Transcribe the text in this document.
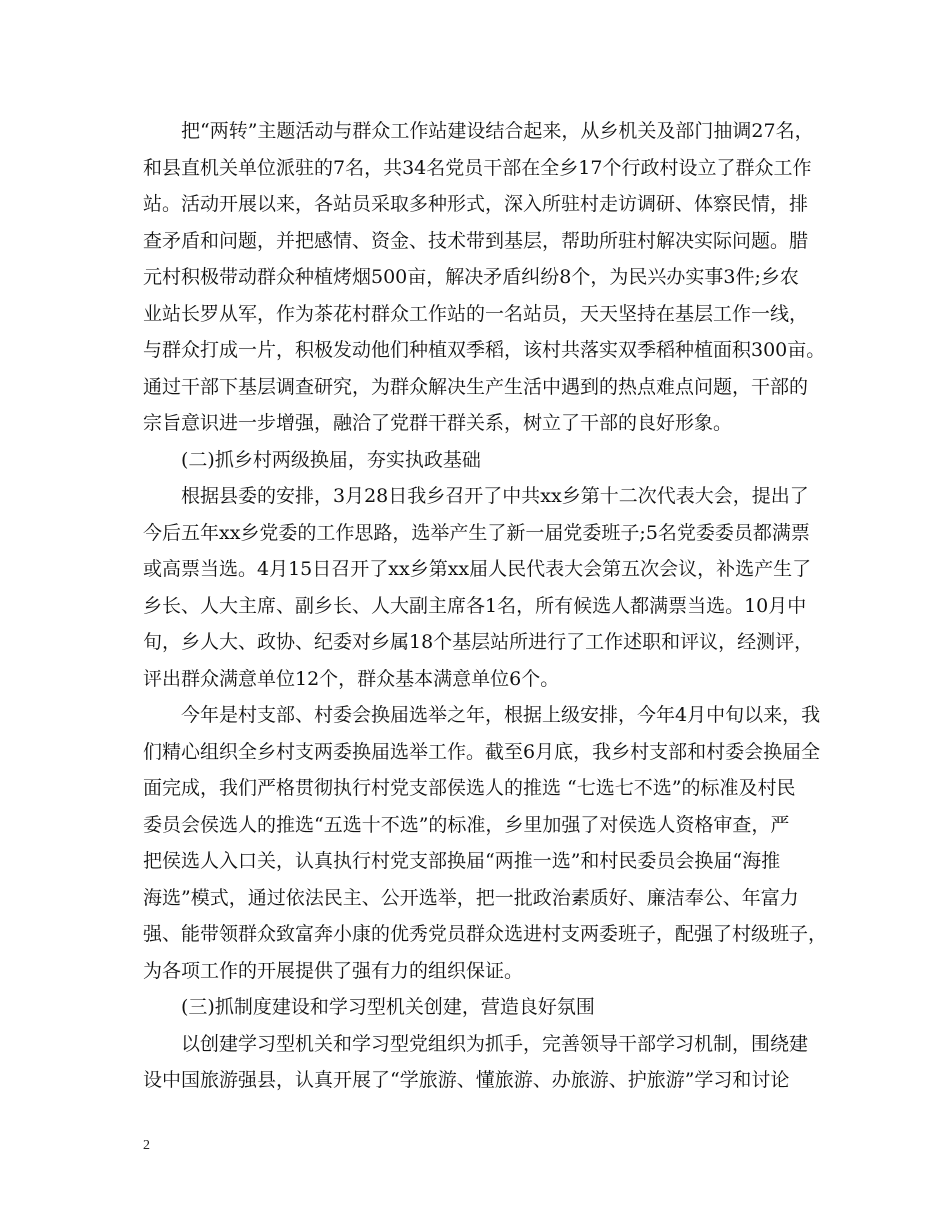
　　把“两转”主题活动与群众工作站建设结合起来，从乡机关及部门抽调27名，
和县直机关单位派驻的7名，共34名党员干部在全乡17个行政村设立了群众工作
站。活动开展以来，各站员采取多种形式，深入所驻村走访调研、体察民情，排
查矛盾和问题，并把感情、资金、技术带到基层，帮助所驻村解决实际问题。腊
元村积极带动群众种植烤烟500亩，解决矛盾纠纷8个，为民兴办实事3件;乡农
业站长罗从军，作为茶花村群众工作站的一名站员，天天坚持在基层工作一线，
与群众打成一片，积极发动他们种植双季稻，该村共落实双季稻种植面积300亩。
通过干部下基层调查研究，为群众解决生产生活中遇到的热点难点问题，干部的
宗旨意识进一步增强，融洽了党群干群关系，树立了干部的良好形象。
　　(二)抓乡村两级换届，夯实执政基础
　　根据县委的安排，3月28日我乡召开了中共xx乡第十二次代表大会，提出了
今后五年xx乡党委的工作思路，选举产生了新一届党委班子;5名党委委员都满票
或高票当选。4月15日召开了xx乡第xx届人民代表大会第五次会议，补选产生了
乡长、人大主席、副乡长、人大副主席各1名，所有候选人都满票当选。10月中
旬，乡人大、政协、纪委对乡属18个基层站所进行了工作述职和评议，经测评，
评出群众满意单位12个，群众基本满意单位6个。
　　今年是村支部、村委会换届选举之年，根据上级安排，今年4月中旬以来，我
们精心组织全乡村支两委换届选举工作。截至6月底，我乡村支部和村委会换届全
面完成，我们严格贯彻执行村党支部侯选人的推选 “七选七不选”的标准及村民
委员会侯选人的推选“五选十不选”的标准，乡里加强了对侯选人资格审查，严
把侯选人入口关，认真执行村党支部换届“两推一选”和村民委员会换届“海推
海选”模式，通过依法民主、公开选举，把一批政治素质好、廉洁奉公、年富力
强、能带领群众致富奔小康的优秀党员群众选进村支两委班子，配强了村级班子，
为各项工作的开展提供了强有力的组织保证。
　　(三)抓制度建设和学习型机关创建，营造良好氛围
　　以创建学习型机关和学习型党组织为抓手，完善领导干部学习机制，围绕建
设中国旅游强县，认真开展了“学旅游、懂旅游、办旅游、护旅游”学习和讨论
2
